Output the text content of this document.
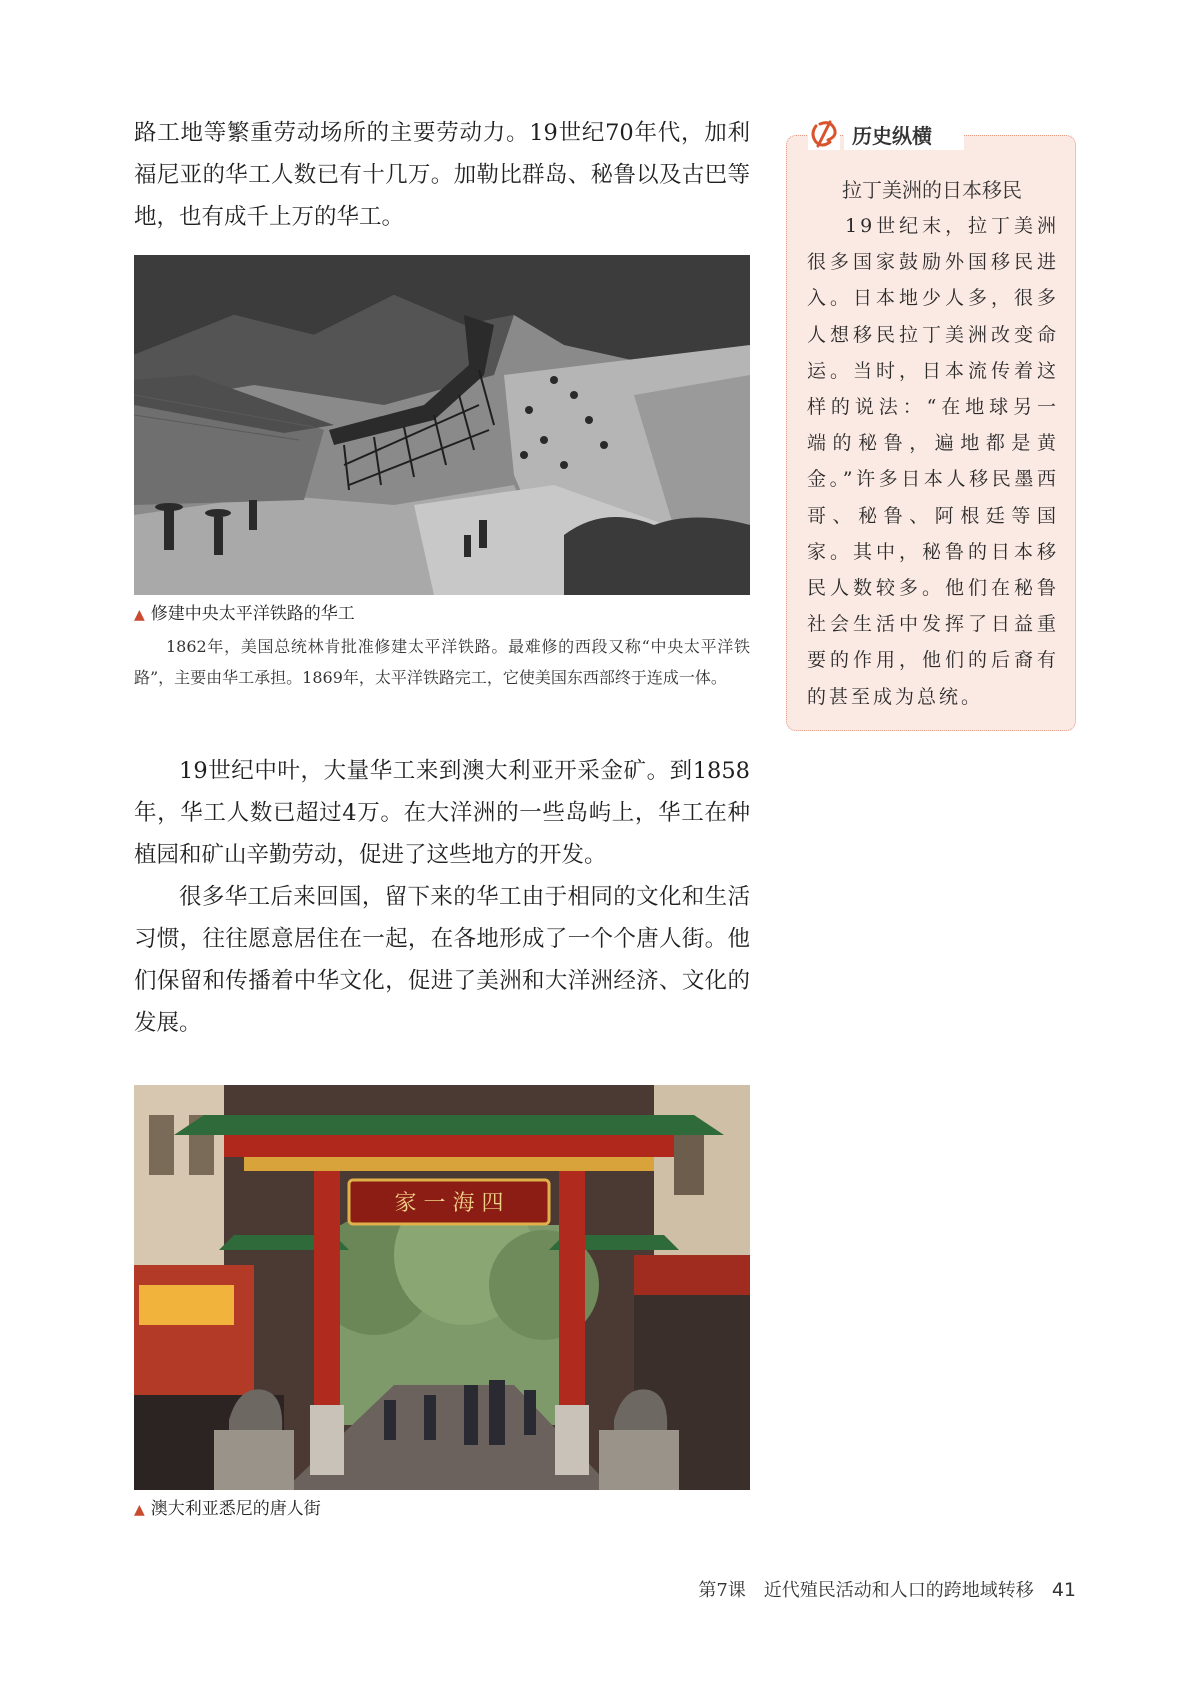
路工地等繁重劳动场所的主要劳动力。19世纪70年代，加利福尼亚的华工人数已有十几万。加勒比群岛、秘鲁以及古巴等地，也有成千上万的华工。

▲ 修建中央太平洋铁路的华工

1862年，美国总统林肯批准修建太平洋铁路。最难修的西段又称“中央太平洋铁路”，主要由华工承担。1869年，太平洋铁路完工，它使美国东西部终于连成一体。

19世纪中叶，大量华工来到澳大利亚开采金矿。到1858年，华工人数已超过4万。在大洋洲的一些岛屿上，华工在种植园和矿山辛勤劳动，促进了这些地方的开发。

很多华工后来回国，留下来的华工由于相同的文化和生活习惯，往往愿意居住在一起，在各地形成了一个个唐人街。他们保留和传播着中华文化，促进了美洲和大洋洲经济、文化的发展。

家 一 海 四

▲ 澳大利亚悉尼的唐人街

拉丁美洲的日本移民
19世纪末，拉丁美洲很多国家鼓励外国移民进入。日本地少人多，很多人想移民拉丁美洲改变命运。当时，日本流传着这样的说法：“在地球另一端的秘鲁，遍地都是黄金。”许多日本人移民墨西哥、秘鲁、阿根廷等国家。其中，秘鲁的日本移民人数较多。他们在秘鲁社会生活中发挥了日益重要的作用，他们的后裔有的甚至成为总统。
历史纵横
第7课　近代殖民活动和人口的跨地域转移 41
